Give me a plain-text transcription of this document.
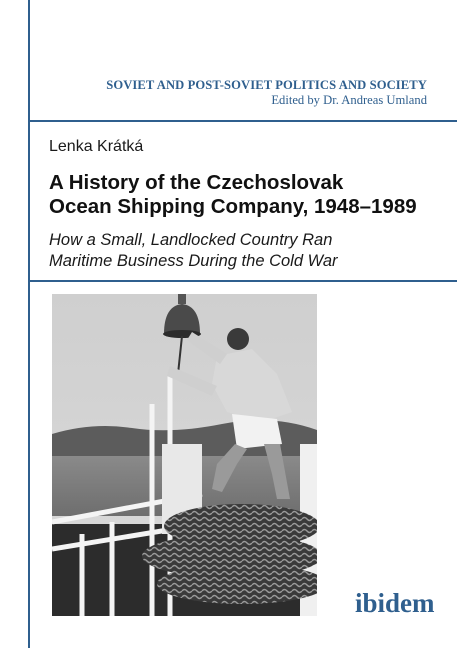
SOVIET AND POST-SOVIET POLITICS AND SOCIETY
Edited by Dr. Andreas Umland
Lenka Krátká
A History of the Czechoslovak
Ocean Shipping Company, 1948–1989
How a Small, Landlocked Country Ran
Maritime Business During the Cold War
ibidem
